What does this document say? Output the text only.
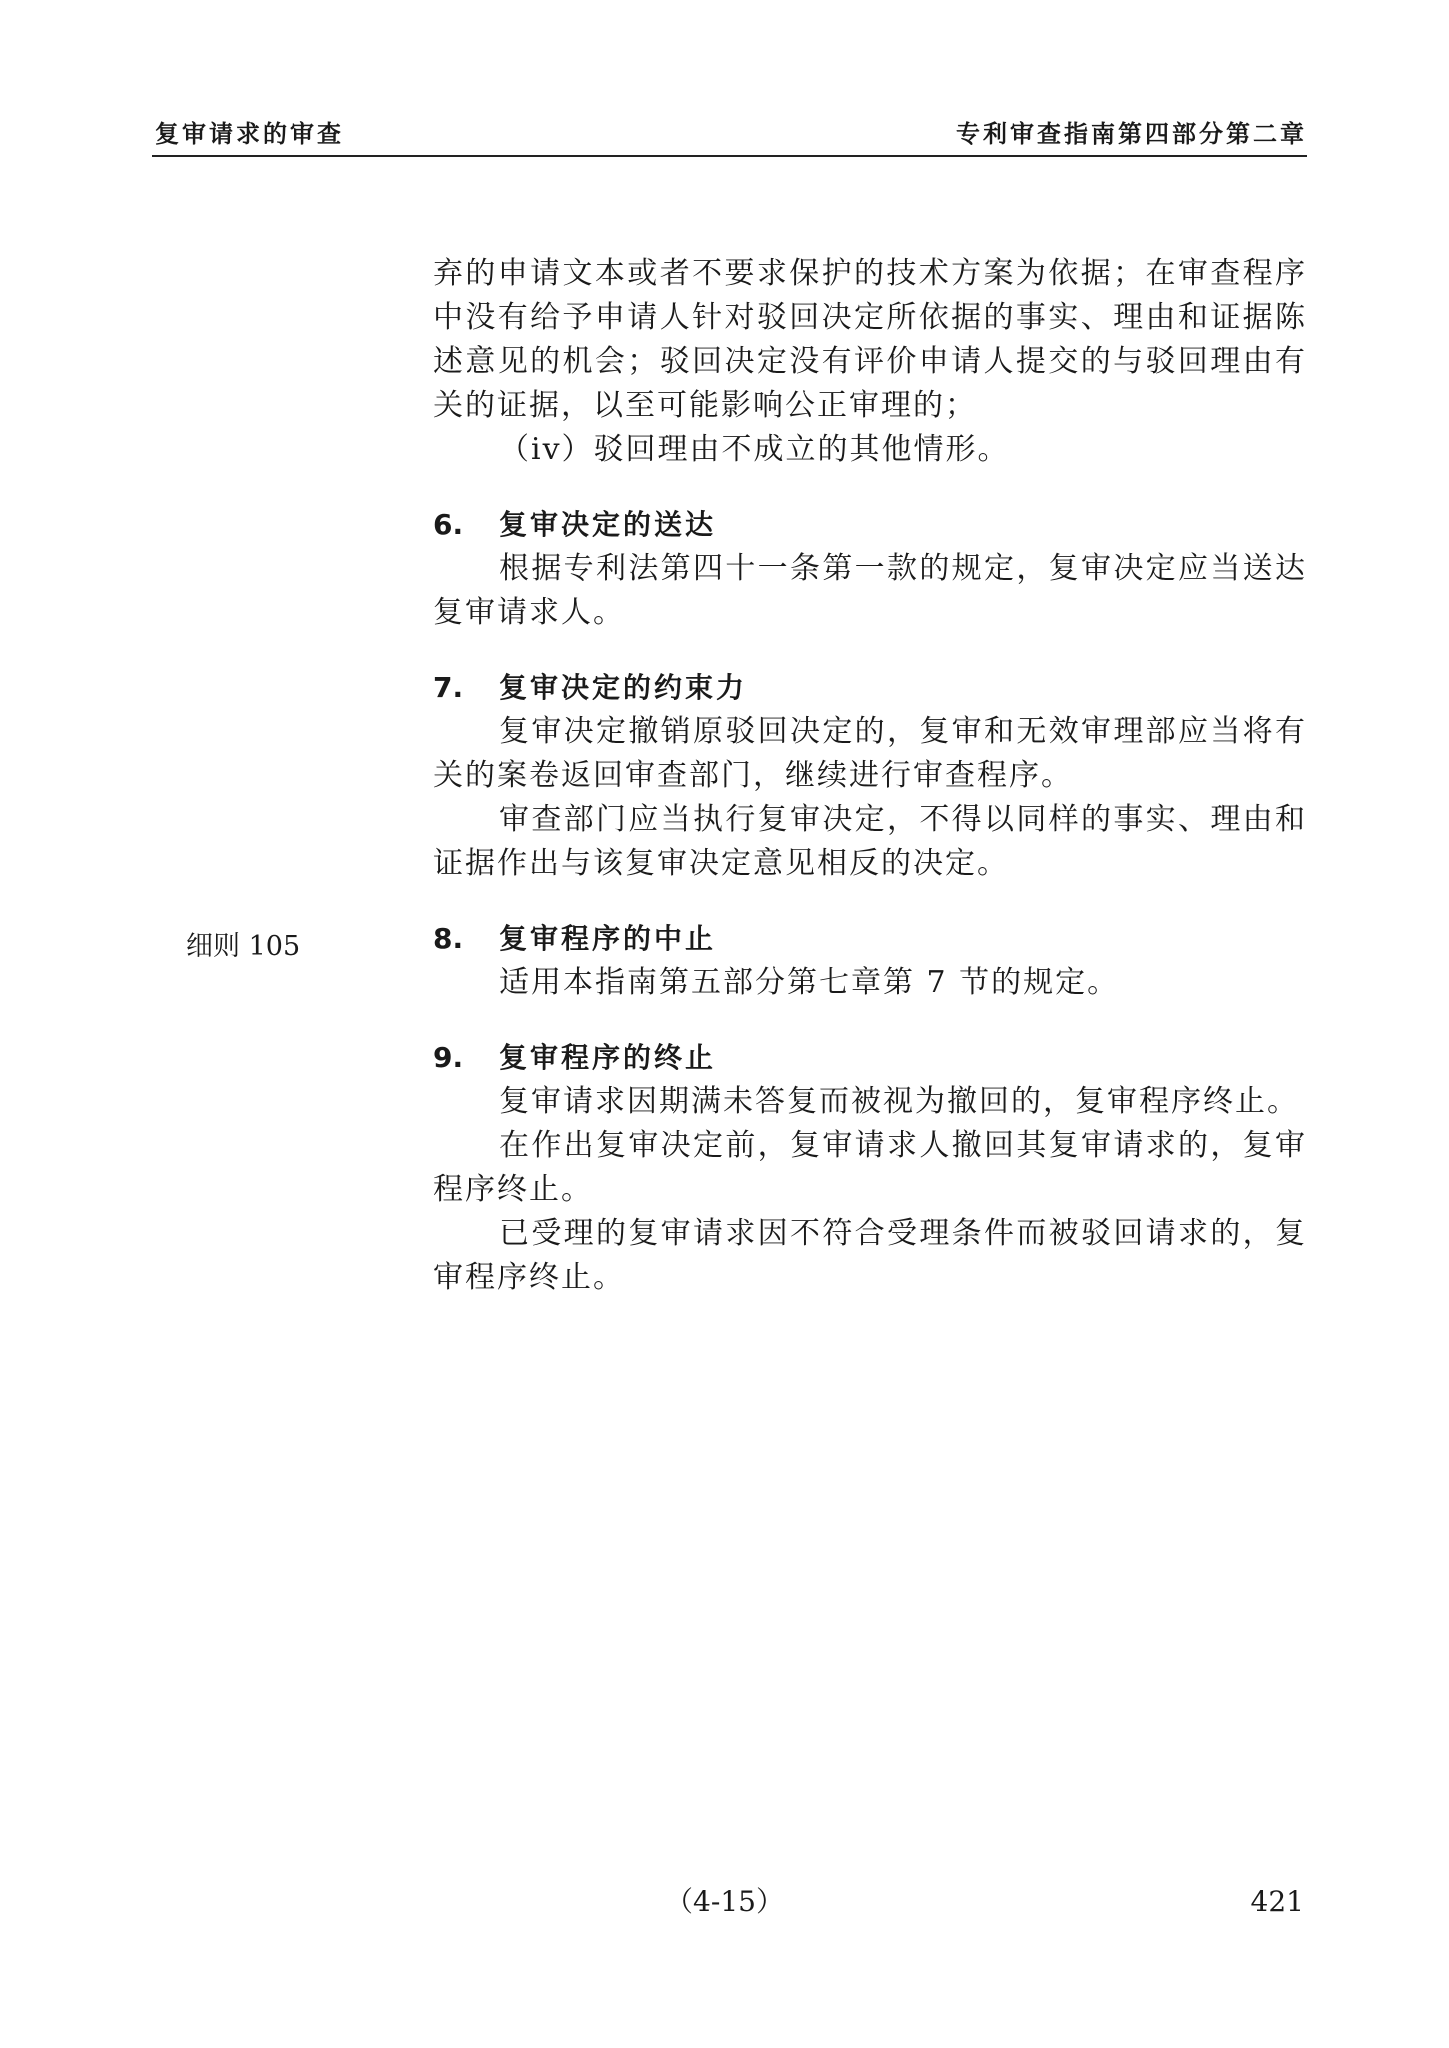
复审请求的审查	专利审查指南第四部分第二章
细则 105

弃的申请文本或者不要求保护的技术方案为依据；在审查程序中没有给予申请人针对驳回决定所依据的事实、理由和证据陈述意见的机会；驳回决定没有评价申请人提交的与驳回理由有关的证据，以至可能影响公正审理的；

（iv）驳回理由不成立的其他情形。

6.	复审决定的送达

根据专利法第四十一条第一款的规定，复审决定应当送达复审请求人。

7.	复审决定的约束力

复审决定撤销原驳回决定的，复审和无效审理部应当将有关的案卷返回审查部门，继续进行审查程序。

审查部门应当执行复审决定，不得以同样的事实、理由和证据作出与该复审决定意见相反的决定。

8.	复审程序的中止

适用本指南第五部分第七章第 7 节的规定。

9.	复审程序的终止

复审请求因期满未答复而被视为撤回的，复审程序终止。

在作出复审决定前，复审请求人撤回其复审请求的，复审程序终止。

已受理的复审请求因不符合受理条件而被驳回请求的，复审程序终止。

（4-15）	421
